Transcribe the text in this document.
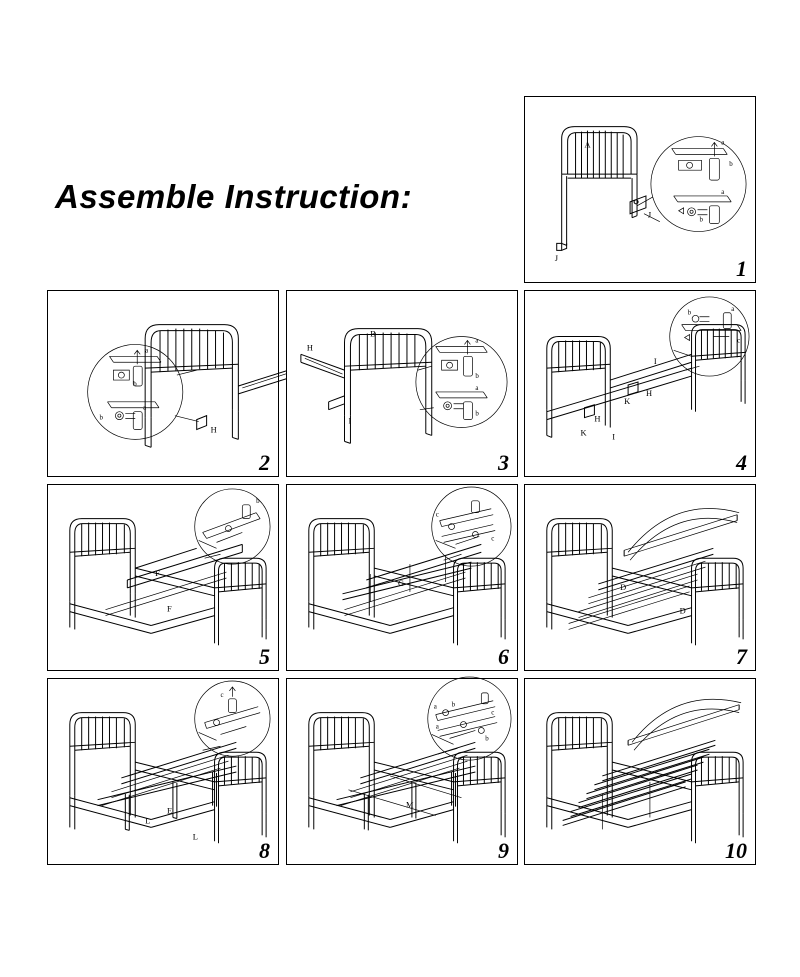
Assemble Instruction:
A
J
J
a
b
a
b
1
H
a
b
b
a
2
B
H
I
a
b
a
b
3
I
K
H
H
K	I
a
b
c
4
F
F
b
5
G
c
c
6
D
D
7
L
E
L
c
8
M
a b
c
a
b
9	10
